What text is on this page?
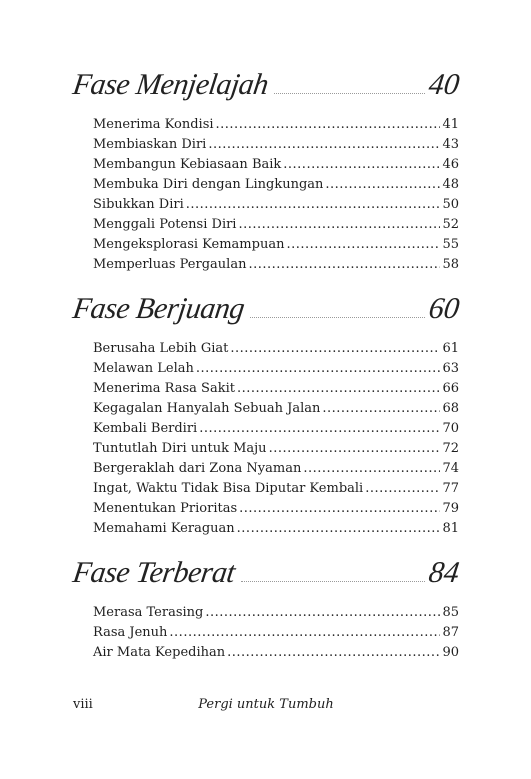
Fase Menjelajah	40
Menerima Kondisi .....	41
Membiaskan Diri .....	43
Membangun Kebiasaan Baik .....	46
Membuka Diri dengan Lingkungan .....	48
Sibukkan Diri .....	50
Menggali Potensi Diri .....	52
Mengeksplorasi Kemampuan .....	55
Memperluas Pergaulan .....	58
Fase Berjuang	60
Berusaha Lebih Giat .....	61
Melawan Lelah .....	63
Menerima Rasa Sakit .....	66
Kegagalan Hanyalah Sebuah Jalan .....	68
Kembali Berdiri .....	70
Tuntutlah Diri untuk Maju .....	72
Bergeraklah dari Zona Nyaman .....	74
Ingat, Waktu Tidak Bisa Diputar Kembali .....	77
Menentukan Prioritas .....	79
Memahami Keraguan .....	81
Fase Terberat	84
Merasa Terasing .....	85
Rasa Jenuh .....	87
Air Mata Kepedihan .....	90
viii	Pergi untuk Tumbuh
